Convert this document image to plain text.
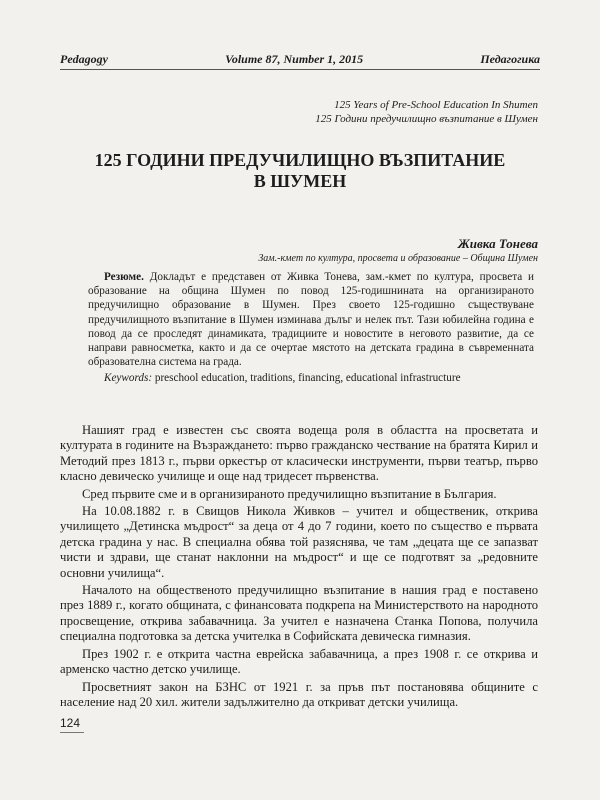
Pedagogy	Volume 87, Number 1, 2015	Педагогика
125 Years of Pre-School Education In Shumen
125 Години предучилищно възпитание в Шумен
125 ГОДИНИ ПРЕДУЧИЛИЩНО ВЪЗПИТАНИЕ
В ШУМЕН
Живка Тонева
Зам.-кмет по култура, просвета и образование – Община Шумен

Резюме. Докладът е представен от Живка Тонева, зам.-кмет по култура, просвета и образование на община Шумен по повод 125-годишнината на организираното предучилищно образование в Шумен. През своето 125-годишно съществуване предучилищното възпитание в Шумен изминава дълъг и нелек път. Тази юбилейна година е повод да се проследят динамиката, традициите и новостите в неговото развитие, да се направи равносметка, както и да се очертае мястото на детската градина в съвременната образователна система на града.

Keywords: preschool education, traditions, financing, educational infrastructure

Нашият град е известен със своята водеща роля в областта на просветата и културата в годините на Възраждането: първо гражданско чествание на братята Кирил и Методий през 1813 г., първи оркестър от класически инструменти, първи театър, първо класно девическо училище и още над тридесет първенства.

Сред първите сме и в организираното предучилищно възпитание в България.

На 10.08.1882 г. в Свищов Никола Живков – учител и общественик, открива училището „Детинска мъдрост“ за деца от 4 до 7 години, което по същество е първата детска градина у нас. В специална обява той разяснява, че там „децата ще се запазват чисти и здрави, ще станат наклонни на мъдрост“ и ще се подготвят за „редовните основни училища“.

Началото на общественото предучилищно възпитание в нашия град е поставено през 1889 г., когато общината, с финансовата подкрепа на Министерството на народното просвещение, открива забавачница. За учител е назначена Станка Попова, получила специална подготовка за детска учителка в Софийската девическа гимназия.

През 1902 г. е открита частна еврейска забавачница, а през 1908 г. се открива и арменско частно детско училище.

Просветният закон на БЗНС от 1921 г. за пръв път постановява общините с население над 20 хил. жители задължително да откриват детски училища.

124
